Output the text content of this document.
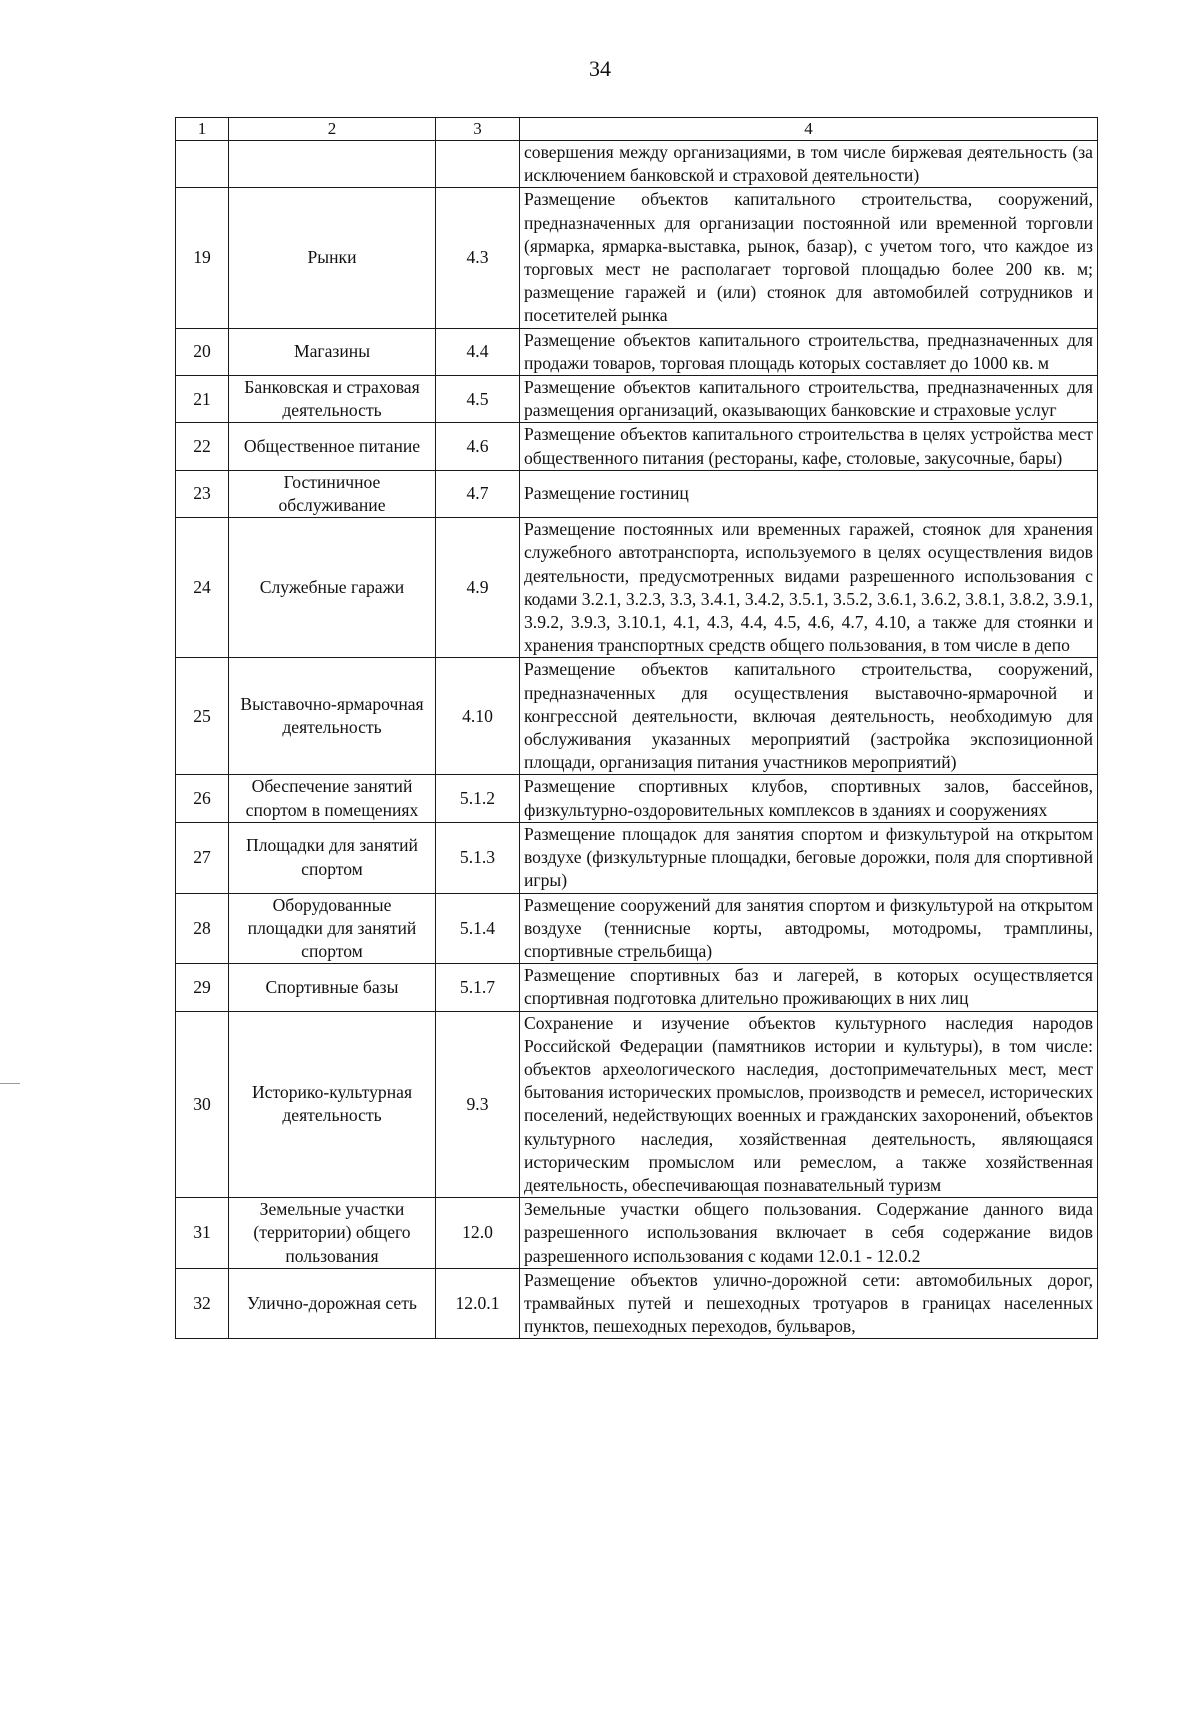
34
1	2	3	4
			совершения между организациями, в том числе биржевая деятельность (за исключением банковской и страховой деятельности)
19	Рынки	4.3	Размещение объектов капитального строительства, сооружений, предназначенных для организации постоянной или временной торговли (ярмарка, ярмарка-выставка, рынок, базар), с учетом того, что каждое из торговых мест не располагает торговой площадью более 200 кв. м; размещение гаражей и (или) стоянок для автомобилей сотрудников и посетителей рынка
20	Магазины	4.4	Размещение объектов капитального строительства, предназначенных для продажи товаров, торговая площадь которых составляет до 1000 кв. м
21	Банковская и страховая деятельность	4.5	Размещение объектов капитального строительства, предназначенных для размещения организаций, оказывающих банковские и страховые услуг
22	Общественное питание	4.6	Размещение объектов капитального строительства в целях устройства мест общественного питания (рестораны, кафе, столовые, закусочные, бары)
23	Гостиничное обслуживание	4.7	Размещение гостиниц
24	Служебные гаражи	4.9	Размещение постоянных или временных гаражей, стоянок для хранения служебного автотранспорта, используемого в целях осуществления видов деятельности, предусмотренных видами разрешенного использования с кодами 3.2.1, 3.2.3, 3.3, 3.4.1, 3.4.2, 3.5.1, 3.5.2, 3.6.1, 3.6.2, 3.8.1, 3.8.2, 3.9.1, 3.9.2, 3.9.3, 3.10.1, 4.1, 4.3, 4.4, 4.5, 4.6, 4.7, 4.10, а также для стоянки и хранения транспортных средств общего пользования, в том числе в депо
25	Выставочно-ярмарочная деятельность	4.10	Размещение объектов капитального строительства, сооружений, предназначенных для осуществления выставочно-ярмарочной и конгрессной деятельности, включая деятельность, необходимую для обслуживания указанных мероприятий (застройка экспозиционной площади, организация питания участников мероприятий)
26	Обеспечение занятий спортом в помещениях	5.1.2	Размещение спортивных клубов, спортивных залов, бассейнов, физкультурно-оздоровительных комплексов в зданиях и сооружениях
27	Площадки для занятий спортом	5.1.3	Размещение площадок для занятия спортом и физкультурой на открытом воздухе (физкультурные площадки, беговые дорожки, поля для спортивной игры)
28	Оборудованные площадки для занятий спортом	5.1.4	Размещение сооружений для занятия спортом и физкультурой на открытом воздухе (теннисные корты, автодромы, мотодромы, трамплины, спортивные стрельбища)
29	Спортивные базы	5.1.7	Размещение спортивных баз и лагерей, в которых осуществляется спортивная подготовка длительно проживающих в них лиц
30	Историко-культурная деятельность	9.3	Сохранение и изучение объектов культурного наследия народов Российской Федерации (памятников истории и культуры), в том числе: объектов археологического наследия, достопримечательных мест, мест бытования исторических промыслов, производств и ремесел, исторических поселений, недействующих военных и гражданских захоронений, объектов культурного наследия, хозяйственная деятельность, являющаяся историческим промыслом или ремеслом, а также хозяйственная деятельность, обеспечивающая познавательный туризм
31	Земельные участки (территории) общего пользования	12.0	Земельные участки общего пользования. Содержание данного вида разрешенного использования включает в себя содержание видов разрешенного использования с кодами 12.0.1 - 12.0.2
32	Улично-дорожная сеть	12.0.1	Размещение объектов улично-дорожной сети: автомобильных дорог, трамвайных путей и пешеходных тротуаров в границах населенных пунктов, пешеходных переходов, бульваров,
